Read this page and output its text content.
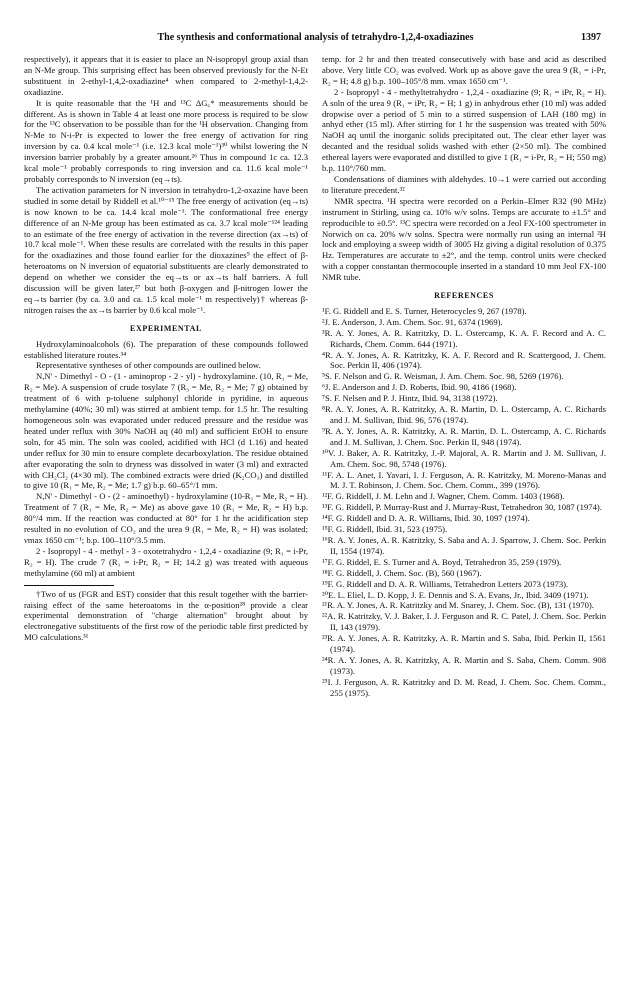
The synthesis and conformational analysis of tetrahydro-1,2,4-oxadiazines	1397

respectively), it appears that it is easier to place an N-isopropyl group axial than an N-Me group. This surprising effect has been observed previously for the N-Et substituent in 2-ethyl-1,4,2-oxadiazine⁴ when compared to 2-methyl-1,4,2-oxadiazine.

It is quite reasonable that the ¹H and ¹³C ΔG꜀* measurements should be different. As is shown in Table 4 at least one more process is required to be slow for the ¹³C observation to be possible than for the ¹H observation. Changing from N-Me to N-i-Pr is expected to lower the free energy of activation for ring inversion by ca. 0.4 kcal mole⁻¹ (i.e. 12.3 kcal mole⁻¹)³⁰ whilst lowering the N inversion barrier probably by a greater amount.²⁶ Thus in compound 1c ca. 12.3 kcal mole⁻¹ probably corresponds to ring inversion and ca. 11.6 kcal mole⁻¹ probably corresponds to N inversion (eq→ts).

The activation parameters for N inversion in tetrahydro-1,2-oxazine have been studied in some detail by Riddell et al.¹⁰⁻¹⁵ The free energy of activation (eq→ts) is now known to be ca. 14.4 kcal mole⁻¹. The conformational free energy difference of an N-Me group has been estimated as ca. 3.7 kcal mole⁻¹²⁴ leading to an estimate of the free energy of activation in the reverse direction (ax→ts) of 10.7 kcal mole⁻¹. When these results are correlated with the results in this paper for the oxadiazines and those found earlier for the dioxazines⁹ the effect of β-heteroatoms on N inversion of equatorial substituents are clearly demonstrated to depend on whether we consider the eq→ts or ax→ts half barriers. A full discussion will be given later,²⁷ but both β-oxygen and β-nitrogen lower the eq→ts barrier (by ca. 3.0 and ca. 1.5 kcal mole⁻¹ m respectively)† whereas β-nitrogen raises the ax→ts barrier by 0.6 kcal mole⁻¹.

EXPERIMENTAL

Hydroxylaminoalcohols (6). The preparation of these compounds followed established literature routes.³⁴

Representative syntheses of other compounds are outlined below.

N,N' - Dimethyl - O - (1 - aminoprop - 2 - yl) - hydroxylamine. (10, R₁ = Me, R₂ = Me). A suspension of crude tosylate 7 (R₃ = Me, R₂ = Me; 7 g) obtained by treatment of 6 with p-toluene sulphonyl chloride in pyridine, in aqueous methylamine (40%; 30 ml) was stirred at ambient temp. for 1.5 hr. The resulting homogeneous soln was evaporated under reduced pressure and the residue was heated under reflux with 30% NaOH aq (40 ml) and sufficient EtOH to ensure soln, for 45 min. The soln was cooled, acidified with HCl (d 1.16) and heated under reflux for 30 min to ensure complete decarboxylation. The residue obtained after evaporating the soln to dryness was dissolved in water (3 ml) and extracted with CH₂Cl₂ (4×30 ml). The combined extracts were dried (K₂CO₃) and distilled to give 10 (R₁ = Me, R₂ = Me; 1.7 g) b.p. 60–65°/1 mm.

N,N' - Dimethyl - O - (2 - aminoethyl) - hydroxylamine (10-R₁ = Me, R₂ = H). Treatment of 7 (R₁ = Me, R₂ = Me) as above gave 10 (R₁ = Me, R₂ = H) b.p. 80°/4 mm. If the reaction was conducted at 80° for 1 hr the acidification step resulted in no evolution of CO₂ and the urea 9 (R₁ = Me, R₂ = H) was isolated; νmax 1650 cm⁻¹; b.p. 100–110°/3.5 mm.

2 - Isopropyl - 4 - methyl - 3 - oxotetrahydro - 1,2,4 - oxadiazine (9; R₁ = i-Pr, R₂ = H). The crude 7 (R₁ = i-Pr, R₂ = H; 14.2 g) was treated with aqueous methylamine (60 ml) at ambient

†Two of us (FGR and EST) consider that this result together with the barrier-raising effect of the same heteroatoms in the α-position²⁸ provide a clear experimental demonstration of "charge alternation" brought about by electronegative substituents of the first row of the periodic table first predicted by MO calculations.³¹

temp. for 2 hr and then treated consecutively with base and acid as described above. Very little CO₂ was evolved. Work up as above gave the urea 9 (R₁ = i-Pr, R₂ = H; 4.8 g) b.p. 100–105°/8 mm. νmax 1650 cm⁻¹.

2 - Isopropyl - 4 - methyltetrahydro - 1,2,4 - oxadiazine (9; R₁ = iPr, R₂ = H). A soln of the urea 9 (R₁ = iPr, R₂ = H; 1 g) in anhydrous ether (10 ml) was added dropwise over a period of 5 min to a stirred suspension of LAH (180 mg) in anhyd ether (15 ml). After stirring for 1 hr the suspension was treated with 50% NaOH aq until the inorganic solids precipitated out. The clear ether layer was decanted and the residual solids washed with ether (2×50 ml). The combined ethereal layers were evaporated and distilled to give 1 (R₁ = i-Pr, R₂ = H; 550 mg) b.p. 110°/760 mm.

Condensations of diamines with aldehydes. 10→1 were carried out according to literature precedent.³²

NMR spectra. ¹H spectra were recorded on a Perkin–Elmer R32 (90 MHz) instrument in Stirling, using ca. 10% w/v solns. Temps are accurate to ±1.5° and reproducible to ±0.5°. ¹³C spectra were recorded on a Jeol FX-100 spectrometer in Norwich on ca. 20% w/v solns. Spectra were normally run using an internal ²H lock and employing a sweep width of 3005 Hz giving a digital resolution of 0.375 Hz. Temperatures are accurate to ±2°, and the temp. control units were checked with a copper constantan thermocouple inserted in a standard 10 mm Jeol FX-100 NMR tube.

REFERENCES

¹F. G. Riddell and E. S. Turner, Heterocycles 9, 267 (1978).

²J. E. Anderson, J. Am. Chem. Soc. 91, 6374 (1969).

³R. A. Y. Jones, A. R. Katritzky, D. L. Ostercamp, K. A. F. Record and A. C. Richards, Chem. Comm. 644 (1971).

⁴R. A. Y. Jones, A. R. Katritzky, K. A. F. Record and R. Scattergood, J. Chem. Soc. Perkin II, 406 (1974).

⁵S. F. Nelson and G. R. Weisman, J. Am. Chem. Soc. 98, 5269 (1976).

⁶J. E. Anderson and J. D. Roberts, Ibid. 90, 4186 (1968).

⁷S. F. Nelsen and P. J. Hintz, Ibid. 94, 3138 (1972).

⁸R. A. Y. Jones, A. R. Katritzky, A. R. Martin, D. L. Ostercamp, A. C. Richards and J. M. Sullivan, Ibid. 96, 576 (1974).

⁹R. A. Y. Jones, A. R. Katritzky, A. R. Martin, D. L. Ostercamp, A. C. Richards and J. M. Sullivan, J. Chem. Soc. Perkin II, 948 (1974).

¹⁰V. J. Baker, A. R. Katritzky, J.-P. Majoral, A. R. Martin and J. M. Sullivan, J. Am. Chem. Soc. 98, 5748 (1976).

¹¹F. A. L. Anet, I. Yavari, I. J. Ferguson, A. R. Katritzky, M. Moreno-Manas and M. J. T. Robinson, J. Chem. Soc. Chem. Comm., 399 (1976).

¹²F. G. Riddell, J. M. Lehn and J. Wagner, Chem. Comm. 1403 (1968).

¹³F. G. Riddell, P. Murray-Rust and J. Murray-Rust, Tetrahedron 30, 1087 (1974).

¹⁴F. G. Riddell and D. A. R. Williams, Ibid. 30, 1097 (1974).

¹⁵F. G. Riddell, Ibid. 31, 523 (1975).

¹⁶R. A. Y. Jones, A. R. Katritzky, S. Saba and A. J. Sparrow, J. Chem. Soc. Perkin II, 1554 (1974).

¹⁷F. G. Riddel, E. S. Turner and A. Boyd, Tetrahedron 35, 259 (1979).

¹⁸F. G. Riddell, J. Chem. Soc. (B), 560 (1967).

¹⁹F. G. Riddell and D. A. R. Williams, Tetrahedron Letters 2073 (1973).

²⁰E. L. Eliel, L. D. Kopp, J. E. Dennis and S. A. Evans, Jr., Ibid. 3409 (1971).

²¹R. A. Y. Jones, A. R. Katritzky and M. Snarey, J. Chem. Soc. (B), 131 (1970).

²²A. R. Katritzky, V. J. Baker, I. J. Ferguson and R. C. Patel, J. Chem. Soc. Perkin II, 143 (1979).

²³R. A. Y. Jones, A. R. Katritzky, A. R. Martin and S. Saba, Ibid. Perkin II, 1561 (1974).

²⁴R. A. Y. Jones, A. R. Katritzky, A. R. Martin and S. Saba, Chem. Comm. 908 (1973).

²⁵I. J. Ferguson, A. R. Katritzky and D. M. Read, J. Chem. Soc. Chem. Comm., 255 (1975).
